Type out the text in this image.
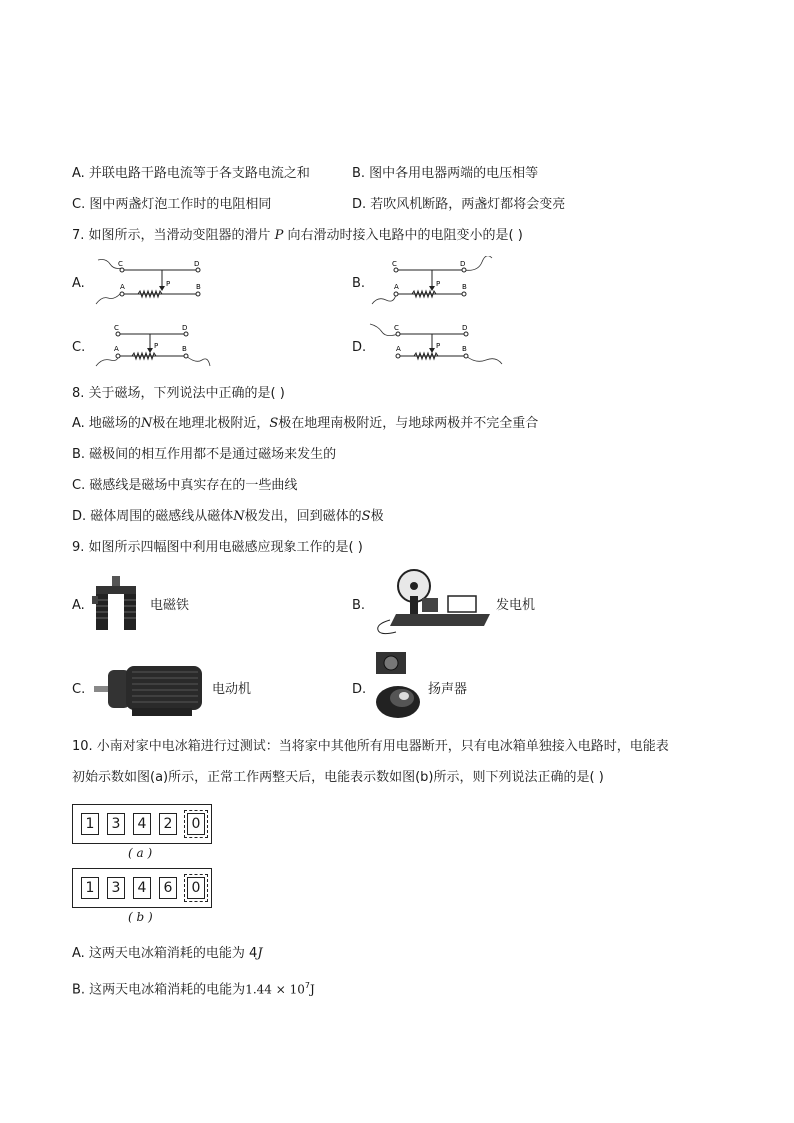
A. 并联电路干路电流等于各支路电流之和	B. 图中各用电器两端的电压相等
C. 图中两盏灯泡工作时的电阻相同	D. 若吹风机断路，两盏灯都将会变亮
7. 如图所示，当滑动变阻器的滑片 P 向右滑动时接入电路中的电阻变小的是( )
A.	B.
C.	D.
C	D
A	B
P
C	D
A	B
P
C	D
A	B
P
C	D
A	B
P
8. 关于磁场，下列说法中正确的是( )
A. 地磁场的N极在地理北极附近，S极在地理南极附近，与地球两极并不完全重合
B. 磁极间的相互作用都不是通过磁场来发生的
C. 磁感线是磁场中真实存在的一些曲线
D. 磁体周围的磁感线从磁体N极发出，回到磁体的S极
9. 如图所示四幅图中利用电磁感应现象工作的是( )
A.	电磁铁	B.	发电机
C.	电动机	D.	扬声器
10. 小南对家中电冰箱进行过测试：当将家中其他所有用电器断开，只有电冰箱单独接入电路时，电能表
初始示数如图(a)所示，正常工作两整天后，电能表示数如图(b)所示，则下列说法正确的是( )
1	3	4	2	0
( a )
1	3	4	6	0
( b )
A. 这两天电冰箱消耗的电能为 4J
B. 这两天电冰箱消耗的电能为$1.44 \times 10^7J$
